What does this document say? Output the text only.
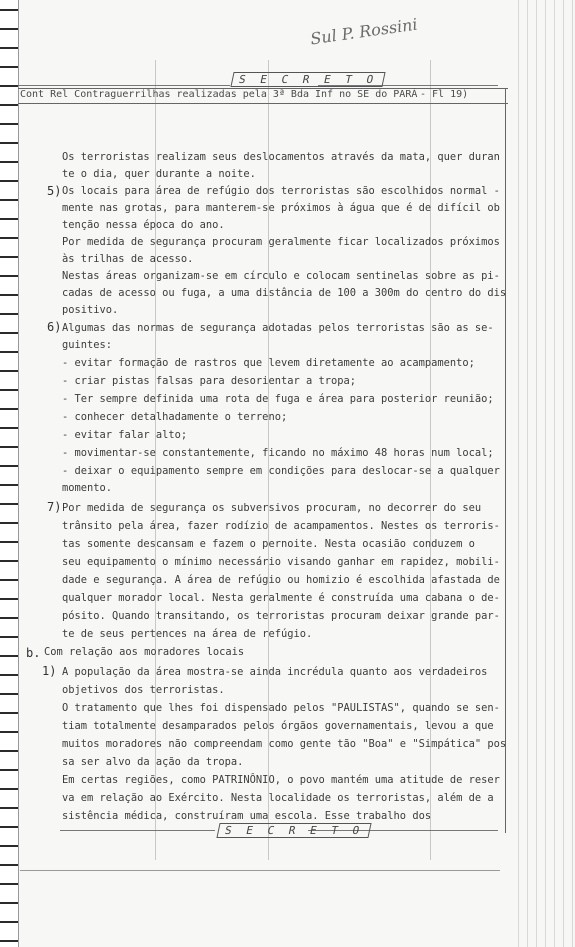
Sul P. Rossini
S E C R E T O
Cont Rel Contraguerrilhas realizadas pela 3ª Bda Inf no SE do PARÁ - Fl 19)
Os terroristas realizam seus deslocamentos através da mata, quer duran
te o dia, quer durante a noite.
5) Os locais para área de refúgio dos terroristas são escolhidos normal -
mente nas grotas, para manterem-se próximos à água que é de difícil ob
tenção nessa época do ano.
Por medida de segurança procuram geralmente ficar localizados próximos
às trilhas de acesso.
Nestas áreas organizam-se em círculo e colocam sentinelas sobre as pi-
cadas de acesso ou fuga, a uma distância de 100 a 300m do centro do dis
positivo.
6) Algumas das normas de segurança adotadas pelos terroristas são as se-
guintes:
- evitar formação de rastros que levem diretamente ao acampamento;
- criar pistas falsas para desorientar a tropa;
- Ter sempre definida uma rota de fuga e área para posterior reunião;
- conhecer detalhadamente o terreno;
- evitar falar alto;
- movimentar-se constantemente, ficando no máximo 48 horas num local;
- deixar o equipamento sempre em condições para deslocar-se a qualquer
momento.
7) Por medida de segurança os subversivos procuram, no decorrer do seu
trânsito pela área, fazer rodízio de acampamentos. Nestes os terroris-
tas somente descansam e fazem o pernoite. Nesta ocasião conduzem o
seu equipamento o mínimo necessário visando ganhar em rapidez, mobili-
dade e segurança. A área de refúgio ou homizio é escolhida afastada de
qualquer morador local. Nesta geralmente é construída uma cabana o de-
pósito. Quando transitando, os terroristas procuram deixar grande par-
te de seus pertences na área de refúgio.
b. Com relação aos moradores locais
1) A população da área mostra-se ainda incrédula quanto aos verdadeiros
objetivos dos terroristas.
O tratamento que lhes foi dispensado pelos "PAULISTAS", quando se sen-
tiam totalmente desamparados pelos órgãos governamentais, levou a que
muitos moradores não compreendam como gente tão "Boa" e "Simpática" pos
sa ser alvo da ação da tropa.
Em certas regiões, como PATRINÔNIO, o povo mantém uma atitude de reser
va em relação ao Exército. Nesta localidade os terroristas, além de a
sistência médica, construíram uma escola. Esse trabalho dos
S E C R E T O
